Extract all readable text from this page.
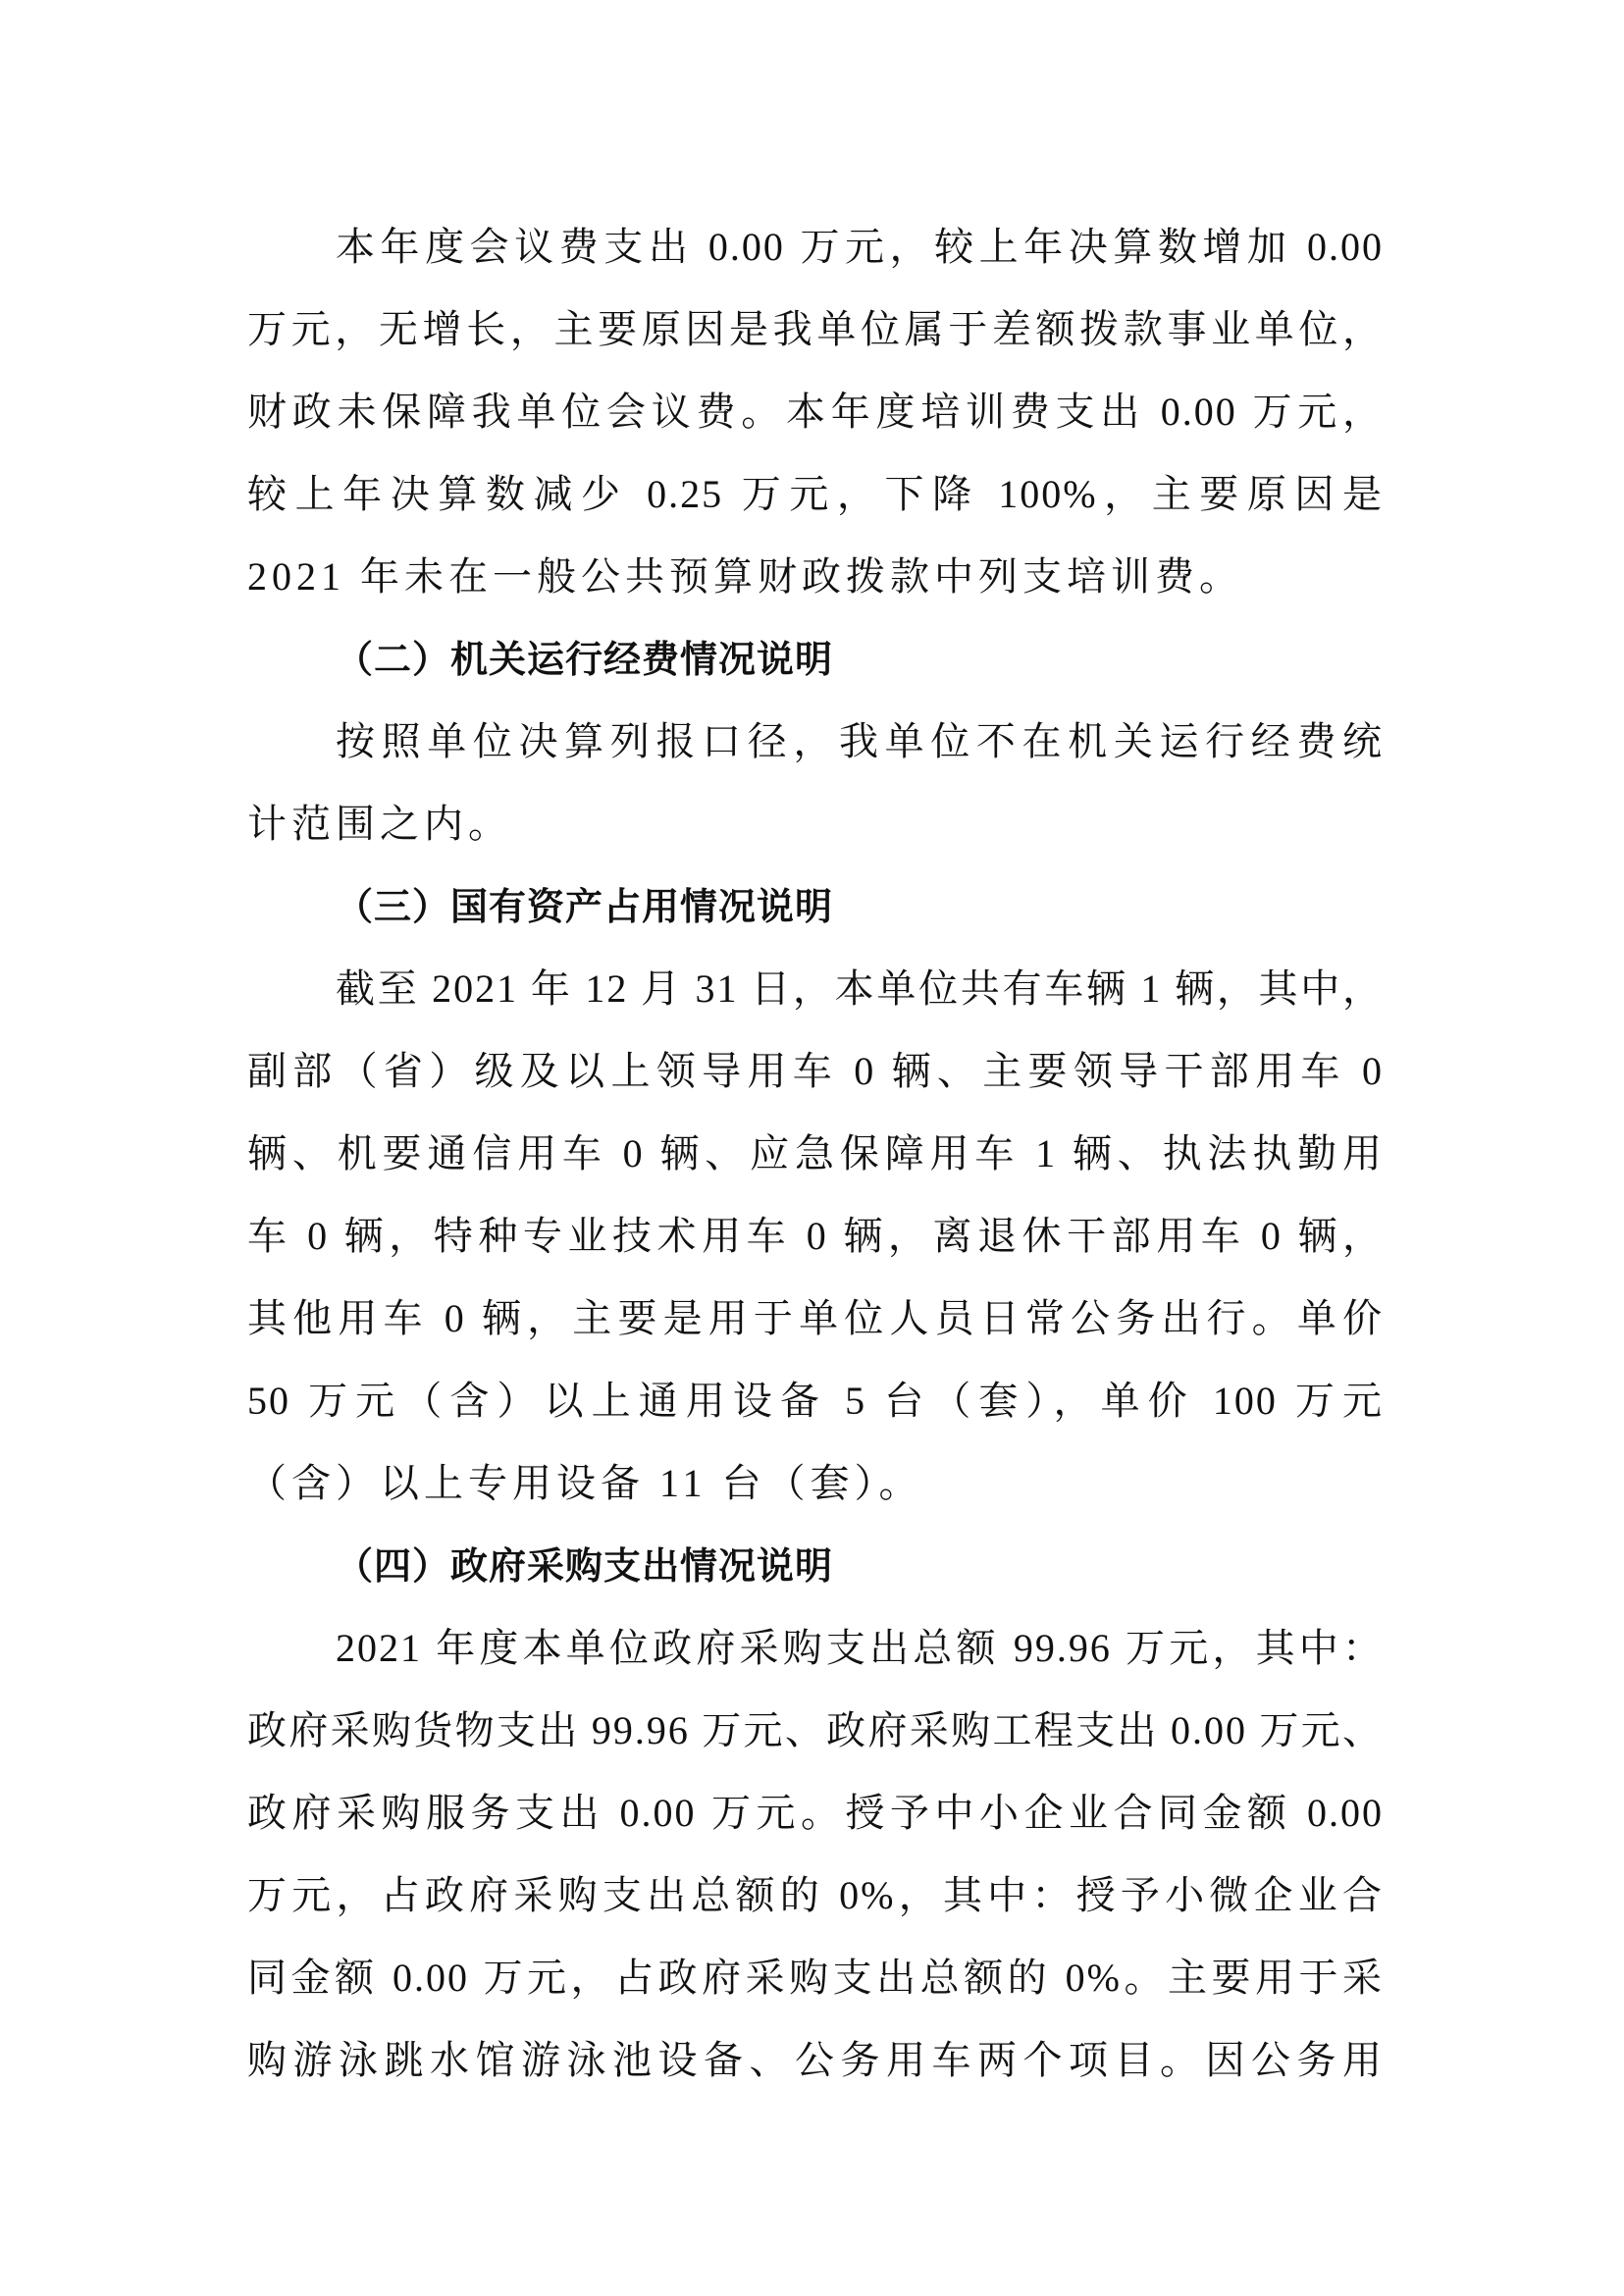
本年度会议费支出 0.00 万元，较上年决算数增加 0.00
万元，无增长，主要原因是我单位属于差额拨款事业单位，
财政未保障我单位会议费。本年度培训费支出 0.00 万元，
较上年决算数减少 0.25 万元，下降 100%，主要原因是
2021 年未在一般公共预算财政拨款中列支培训费。
（二）机关运行经费情况说明
按照单位决算列报口径，我单位不在机关运行经费统
计范围之内。
（三）国有资产占用情况说明
截至 2021 年 12 月 31 日，本单位共有车辆 1 辆，其中，
副部（省）级及以上领导用车 0 辆、主要领导干部用车 0
辆、机要通信用车 0 辆、应急保障用车 1 辆、执法执勤用
车 0 辆，特种专业技术用车 0 辆，离退休干部用车 0 辆，
其他用车 0 辆，主要是用于单位人员日常公务出行。单价
50 万元（含）以上通用设备 5 台（套），单价 100 万元
（含）以上专用设备 11 台（套）。
（四）政府采购支出情况说明
2021 年度本单位政府采购支出总额 99.96 万元，其中：
政府采购货物支出 99.96 万元、政府采购工程支出 0.00 万元、
政府采购服务支出 0.00 万元。授予中小企业合同金额 0.00
万元，占政府采购支出总额的 0%，其中：授予小微企业合
同金额 0.00 万元，占政府采购支出总额的 0%。主要用于采
购游泳跳水馆游泳池设备、公务用车两个项目。因公务用
